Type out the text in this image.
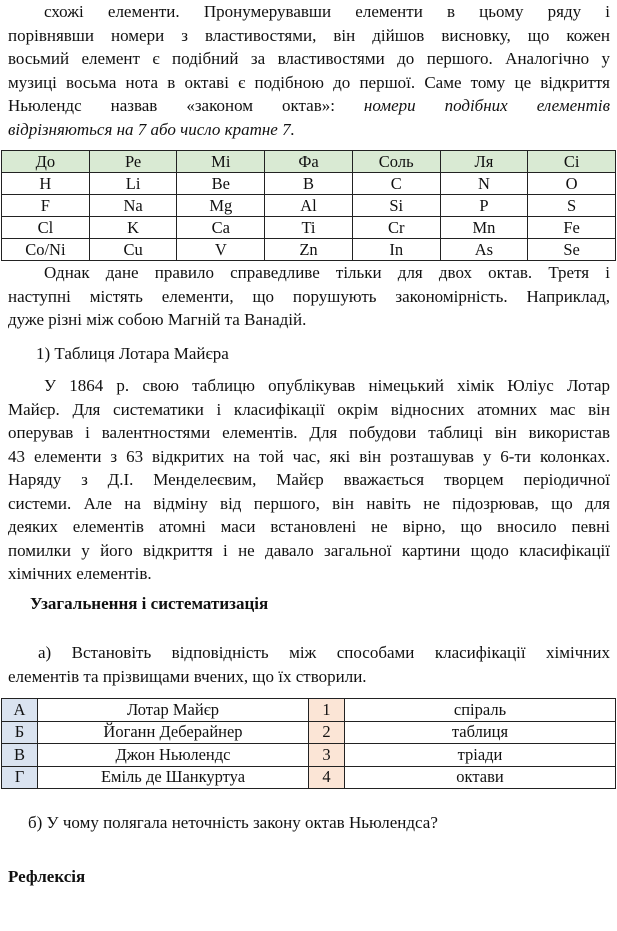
схожі елементи. Пронумерувавши елементи в цьому ряду і
порівнявши номери з властивостями, він дійшов висновку, що кожен
восьмий елемент є подібний за властивостями до першого. Аналогічно у
музиці восьма нота в октаві є подібною до першої. Саме тому це відкриття
Ньюлендс назвав «законом октав»: номери подібних елементів
відрізняються на 7 або число кратне 7.
До	Ре	Мі	Фа	Соль	Ля	Сі
H	Li	Be	B	C	N	O
F	Na	Mg	Al	Si	P	S
Cl	K	Ca	Ti	Cr	Mn	Fe
Co/Ni	Cu	V	Zn	In	As	Se
Однак дане правило справедливе тільки для двох октав. Третя і
наступні містять елементи, що порушують закономірність. Наприклад,
дуже різні між собою Магній та Ванадій.
1) Таблиця Лотара Майєра
У 1864 р. свою таблицю опублікував німецький хімік Юліус Лотар
Майєр. Для систематики і класифікації окрім відносних атомних мас він
оперував і валентностями елементів. Для побудови таблиці він використав
43 елементи з 63 відкритих на той час, які він розташував у 6-ти колонках.
Наряду з Д.І. Менделеєвим, Майєр вважається творцем періодичної
системи. Але на відміну від першого, він навіть не підозрював, що для
деяких елементів атомні маси встановлені не вірно, що вносило певні
помилки у його відкриття і не давало загальної картини щодо класифікації
хімічних елементів.
Узагальнення і систематизація
а) Встановіть відповідність між способами класифікації хімічних
елементів та прізвищами вчених, що їх створили.
А	Лотар Майєр	1	спіраль
Б	Йоганн Деберайнер	2	таблиця
В	Джон Ньюлендс	3	тріади
Г	Еміль де Шанкуртуа	4	октави
б) У чому полягала неточність закону октав Ньюлендса?
Рефлексія
